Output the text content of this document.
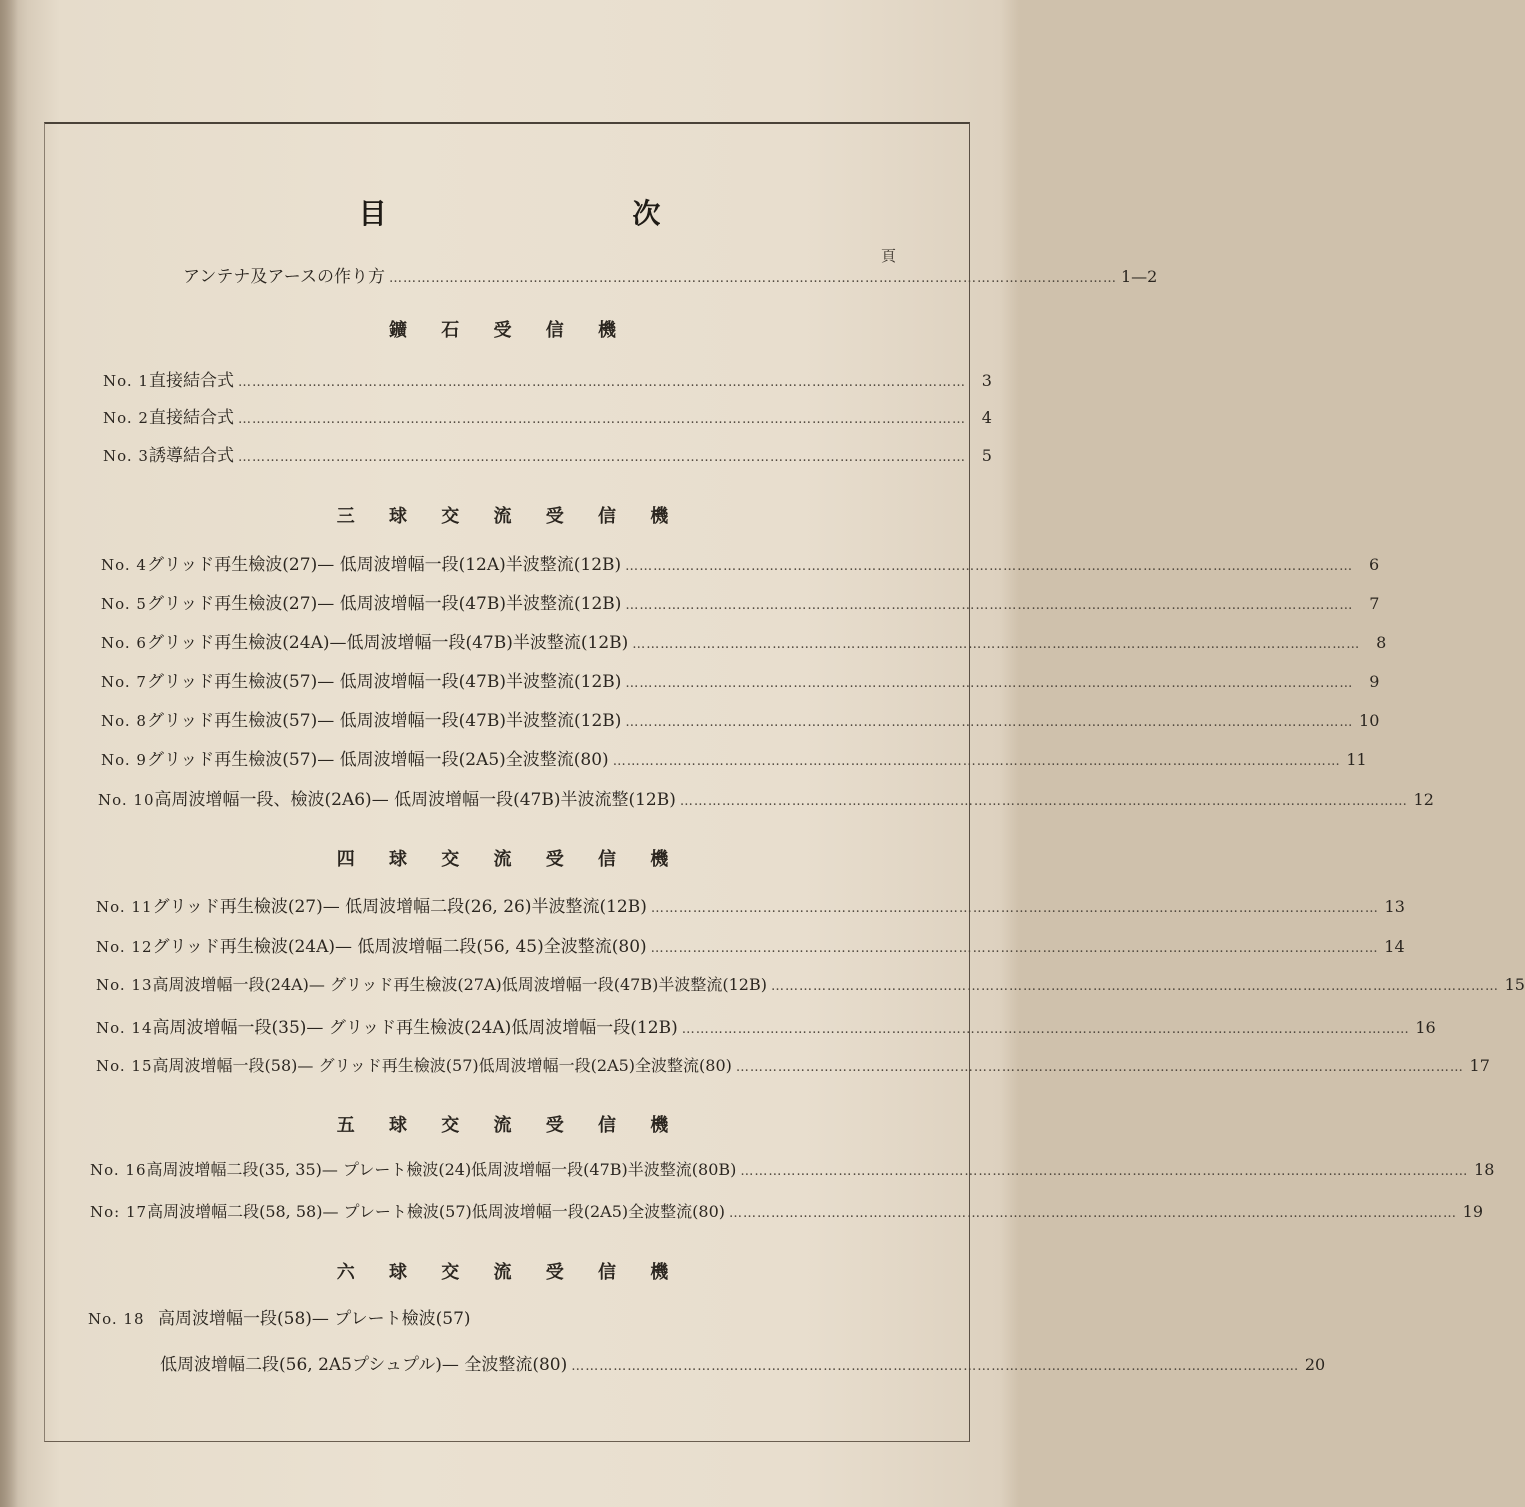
目 次
頁
アンテナ及アースの作り方 ………………………………………………………………………………………………………………………………………… 1—2
鑛 石 受 信 機
No. 1 直接結合式 ………………………………………………………………………………………………………………………………………… 3
No. 2 直接結合式 ………………………………………………………………………………………………………………………………………… 4
No. 3 誘導結合式 ………………………………………………………………………………………………………………………………………… 5
三 球 交 流 受 信 機
No. 4 グリッド再生檢波(27)— 低周波增幅一段(12A)半波整流(12B) ………………………………………………………………………………………………………………………………………… 6
No. 5 グリッド再生檢波(27)— 低周波增幅一段(47B)半波整流(12B) ………………………………………………………………………………………………………………………………………… 7
No. 6 グリッド再生檢波(24A)—低周波增幅一段(47B)半波整流(12B) ………………………………………………………………………………………………………………………………………… 8
No. 7 グリッド再生檢波(57)— 低周波增幅一段(47B)半波整流(12B) ………………………………………………………………………………………………………………………………………… 9
No. 8 グリッド再生檢波(57)— 低周波增幅一段(47B)半波整流(12B) ………………………………………………………………………………………………………………………………………… 10
No. 9 グリッド再生檢波(57)— 低周波增幅一段(2A5)全波整流(80) ………………………………………………………………………………………………………………………………………… 11
No. 10 高周波增幅一段、檢波(2A6)— 低周波增幅一段(47B)半波流整(12B) ………………………………………………………………………………………………………………………………………… 12
四 球 交 流 受 信 機
No. 11 グリッド再生檢波(27)— 低周波增幅二段(26, 26)半波整流(12B) ………………………………………………………………………………………………………………………………………… 13
No. 12 グリッド再生檢波(24A)— 低周波增幅二段(56, 45)全波整流(80) ………………………………………………………………………………………………………………………………………… 14
No. 13 高周波增幅一段(24A)— グリッド再生檢波(27A)低周波增幅一段(47B)半波整流(12B) ………………………………………………………………………………………………………………………………………… 15
No. 14 高周波增幅一段(35)— グリッド再生檢波(24A)低周波增幅一段(12B) ………………………………………………………………………………………………………………………………………… 16
No. 15 高周波增幅一段(58)— グリッド再生檢波(57)低周波增幅一段(2A5)全波整流(80) ………………………………………………………………………………………………………………………………………… 17
五 球 交 流 受 信 機
No. 16 高周波增幅二段(35, 35)— プレート檢波(24)低周波增幅一段(47B)半波整流(80B) ………………………………………………………………………………………………………………………………………… 18
No: 17 高周波增幅二段(58, 58)— プレート檢波(57)低周波增幅一段(2A5)全波整流(80) ………………………………………………………………………………………………………………………………………… 19
六 球 交 流 受 信 機
No. 18 高周波增幅一段(58)— プレート檢波(57)
低周波增幅二段(56, 2A5プシュプル)— 全波整流(80) ………………………………………………………………………………………………………………………………………… 20
